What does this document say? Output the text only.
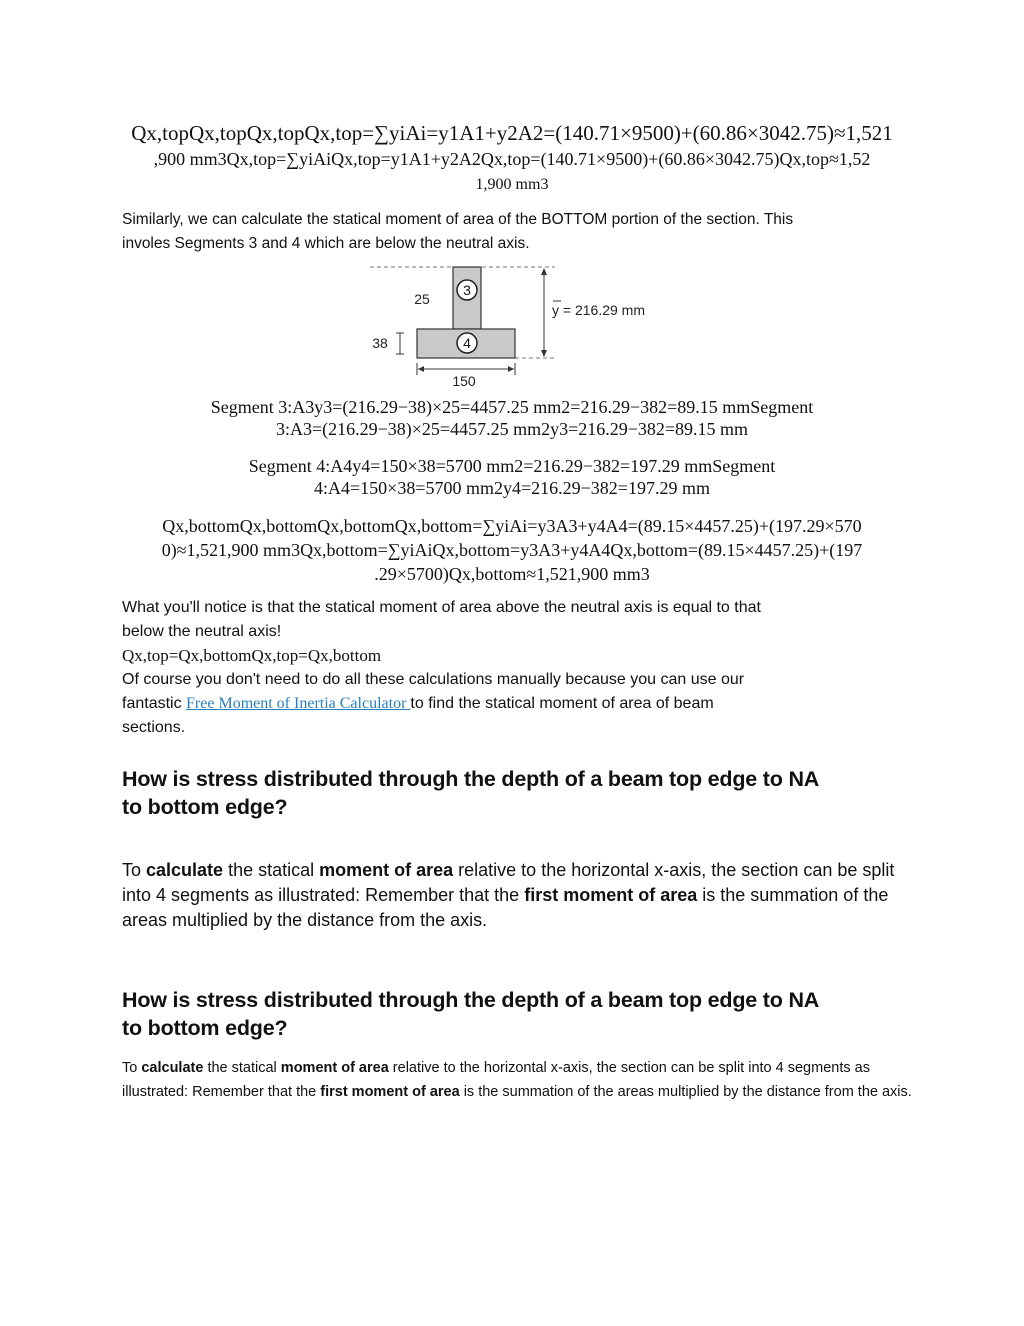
Qx,topQx,topQx,topQx,top=∑yiAi=y1A1+y2A2=(140.71×9500)+(60.86×3042.75)≈1,521
,900 mm3Qx,top=∑yiAiQx,top=y1A1+y2A2Qx,top=(140.71×9500)+(60.86×3042.75)Qx,top≈1,52
1,900 mm3
Similarly, we can calculate the statical moment of area of the BOTTOM portion of the section. This
involes Segments 3 and 4 which are below the neutral axis.
3
4
25
38
150
y = 216.29 mm
Segment 3:A3y3=(216.29−38)×25=4457.25 mm2=216.29−382=89.15 mmSegment
3:A3=(216.29−38)×25=4457.25 mm2y3=216.29−382=89.15 mm
Segment 4:A4y4=150×38=5700 mm2=216.29−382=197.29 mmSegment
4:A4=150×38=5700 mm2y4=216.29−382=197.29 mm
Qx,bottomQx,bottomQx,bottomQx,bottom=∑yiAi=y3A3+y4A4=(89.15×4457.25)+(197.29×570
0)≈1,521,900 mm3Qx,bottom=∑yiAiQx,bottom=y3A3+y4A4Qx,bottom=(89.15×4457.25)+(197
.29×5700)Qx,bottom≈1,521,900 mm3
What you'll notice is that the statical moment of area above the neutral axis is equal to that
below the neutral axis!
Qx,top=Qx,bottomQx,top=Qx,bottom
Of course you don't need to do all these calculations manually because you can use our
fantastic Free Moment of Inertia Calculator to find the statical moment of area of beam
sections.
How is stress distributed through the depth of a beam top edge to NA
to bottom edge?
To calculate the statical moment of area relative to the horizontal x-axis, the section can be split into 4 segments as illustrated: Remember that the first moment of area is the summation of the areas multiplied by the distance from the axis.
How is stress distributed through the depth of a beam top edge to NA
to bottom edge?
To calculate the statical moment of area relative to the horizontal x-axis, the section can be split into 4 segments as illustrated: Remember that the first moment of area is the summation of the areas multiplied by the distance from the axis.
